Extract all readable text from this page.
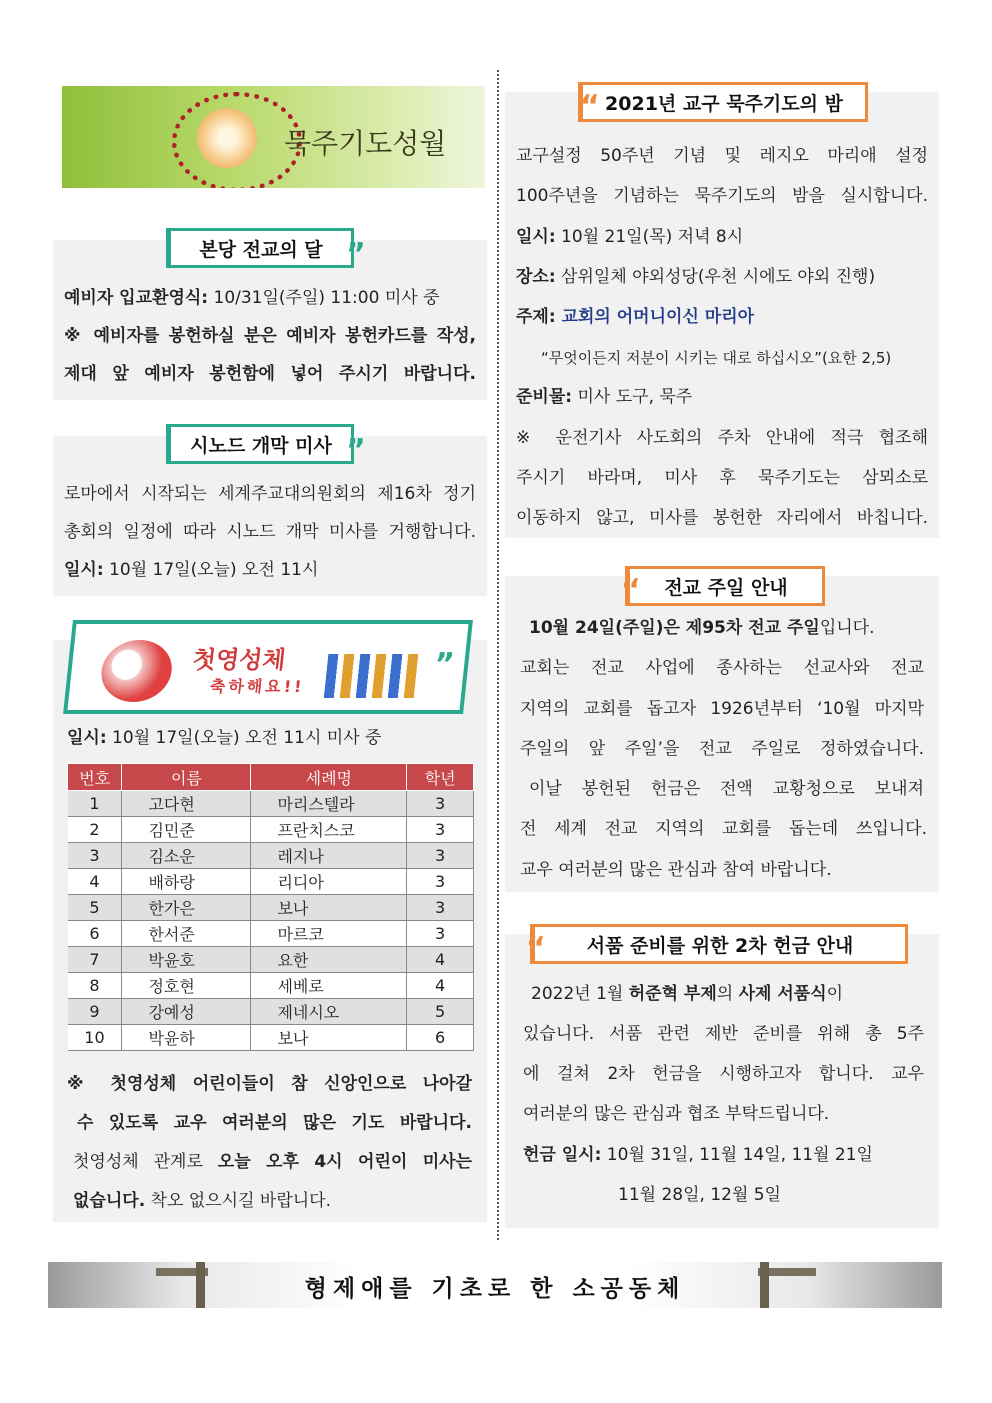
묵주기도성월
예비자 입교환영식: 10/31일(주일) 11:00 미사 중
※ 예비자를 봉헌하실 분은 예비자 봉헌카드를 작성,
제대 앞 예비자 봉헌함에 넣어 주시기 바랍니다.
본당 전교의 달 ”
로마에서 시작되는 세계주교대의원회의 제16차 정기
총회의 일정에 따라 시노드 개막 미사를 거행합니다.
일시: 10월 17일(오늘) 오전 11시
시노드 개막 미사 ”
일시: 10월 17일(오늘) 오전 11시 미사 중
번호	이름	세례명	학년
1	고다현	마리스텔라	3
2	김민준	프란치스코	3
3	김소운	레지나	3
4	배하랑	리디아	3
5	한가은	보나	3
6	한서준	마르코	3
7	박윤호	요한	4
8	정호현	세베로	4
9	강예성	제네시오	5
10	박윤하	보나	6
※ 첫영성체 어린이들이 참 신앙인으로 나아갈
수 있도록 교우 여러분의 많은 기도 바랍니다.
첫영성체 관계로 오늘 오후 4시 어린이 미사는
없습니다. 착오 없으시길 바랍니다.
첫영성체
축하해요!!
”
교구설정 50주년 기념 및 레지오 마리애 설정
100주년을 기념하는 묵주기도의 밤을 실시합니다.
일시: 10월 21일(목) 저녁 8시
장소: 삼위일체 야외성당(우천 시에도 야외 진행)
주제: 교회의 어머니이신 마리아
“무엇이든지 저분이 시키는 대로 하십시오”(요한 2,5)
준비물: 미사 도구, 묵주
※ 운전기사 사도회의 주차 안내에 적극 협조해
주시기 바라며, 미사 후 묵주기도는 삼뫼소로
이동하지 않고, 미사를 봉헌한 자리에서 바칩니다.
2021년 교구 묵주기도의 밤
“
10월 24일(주일)은 제95차 전교 주일입니다.
교회는 전교 사업에 종사하는 선교사와 전교
지역의 교회를 돕고자 1926년부터 ‘10월 마지막
주일의 앞 주일’을 전교 주일로 정하였습니다.
이날 봉헌된 헌금은 전액 교황청으로 보내져
전 세계 전교 지역의 교회를 돕는데 쓰입니다.
교우 여러분의 많은 관심과 참여 바랍니다.
전교 주일 안내
“
2022년 1월 허준혁 부제의 사제 서품식이
있습니다. 서품 관련 제반 준비를 위해 총 5주
에 걸쳐 2차 헌금을 시행하고자 합니다. 교우
여러분의 많은 관심과 협조 부탁드립니다.
헌금 일시: 10월 31일, 11월 14일, 11월 21일
11월 28일, 12월 5일
서품 준비를 위한 2차 헌금 안내
“
형제애를 기초로 한 소공동체
